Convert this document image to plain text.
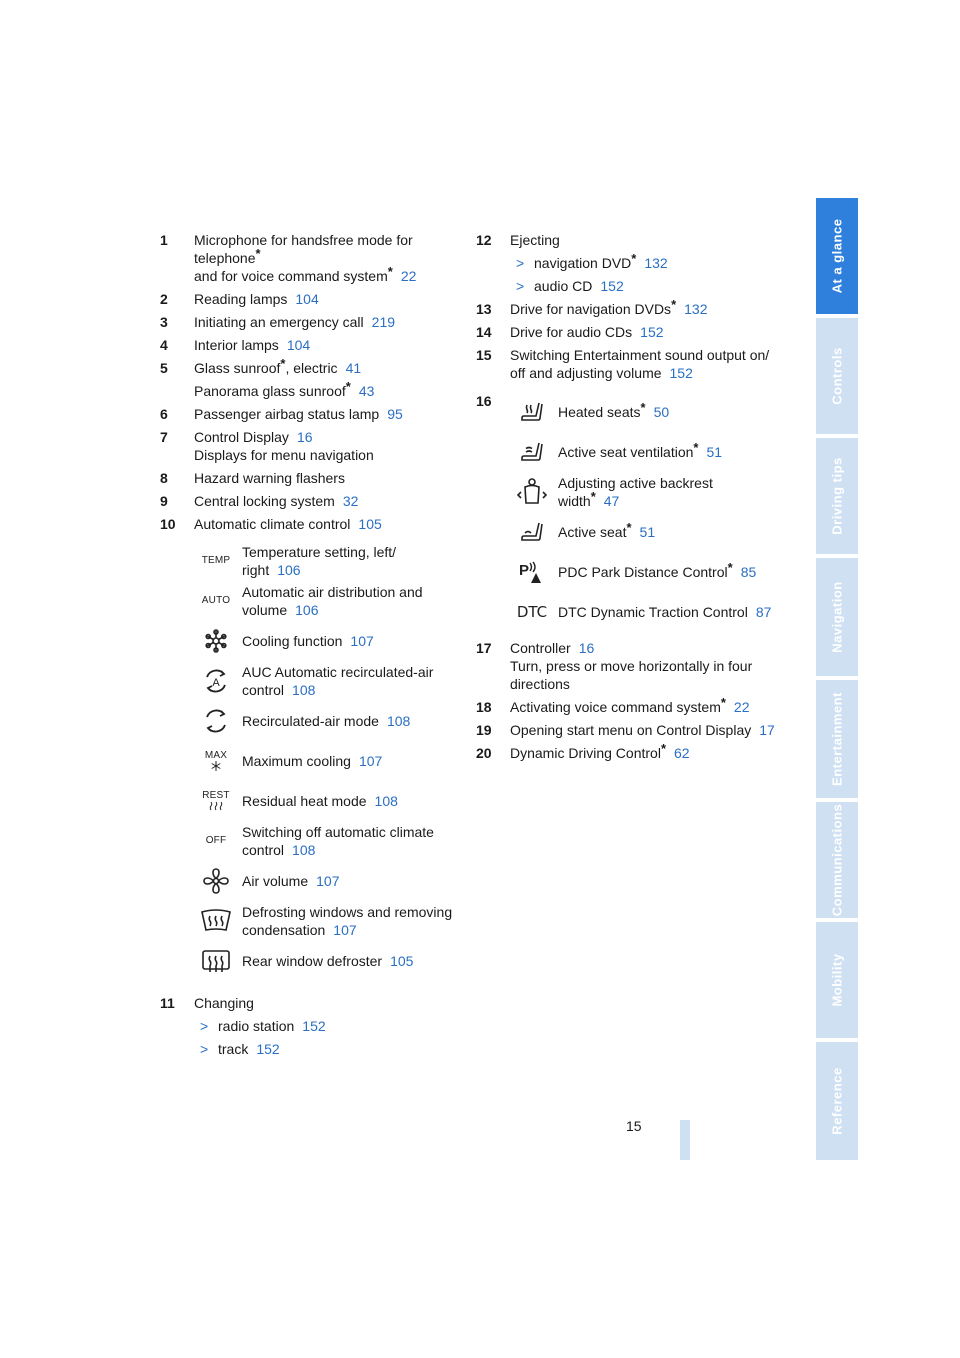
1 Microphone for handsfree mode for
telephone*
and for voice command system* 22
2 Reading lamps 104
3 Initiating an emergency call 219
4 Interior lamps 104
5 Glass sunroof*, electric 41
Panorama glass sunroof* 43
6 Passenger airbag status lamp 95
7 Control Display 16
Displays for menu navigation
8 Hazard warning flashers
9 Central locking system 32
10 Automatic climate control 105
TEMP
Temperature setting, left/
right 106
AUTO
Automatic air distribution and
volume 106
Cooling function 107
A
AUC Automatic recirculated-air
control 108
Recirculated-air mode 108
MAX Maximum cooling 107
REST Residual heat mode 108
OFF
Switching off automatic climate
control 108
Air volume 107
Defrosting windows and removing
condensation 107
Rear window defroster 105
11 Changing
> radio station 152
> track 152
12 Ejecting
> navigation DVD* 132
> audio CD 152
13 Drive for navigation DVDs* 132
14 Drive for audio CDs 152
15 Switching Entertainment sound output on/
off and adjusting volume 152
16
Heated seats* 50
Active seat ventilation* 51
Adjusting active backrest
width* 47
Active seat* 51
P PDC Park Distance Control* 85
DTC DTC Dynamic Traction Control 87
17 Controller 16
Turn, press or move horizontally in four
directions
18 Activating voice command system* 22
19 Opening start menu on Control Display 17
20 Dynamic Driving Control* 62
At a glance
Controls
Driving tips
Navigation
Entertainment
Communications
Mobility
Reference
15
